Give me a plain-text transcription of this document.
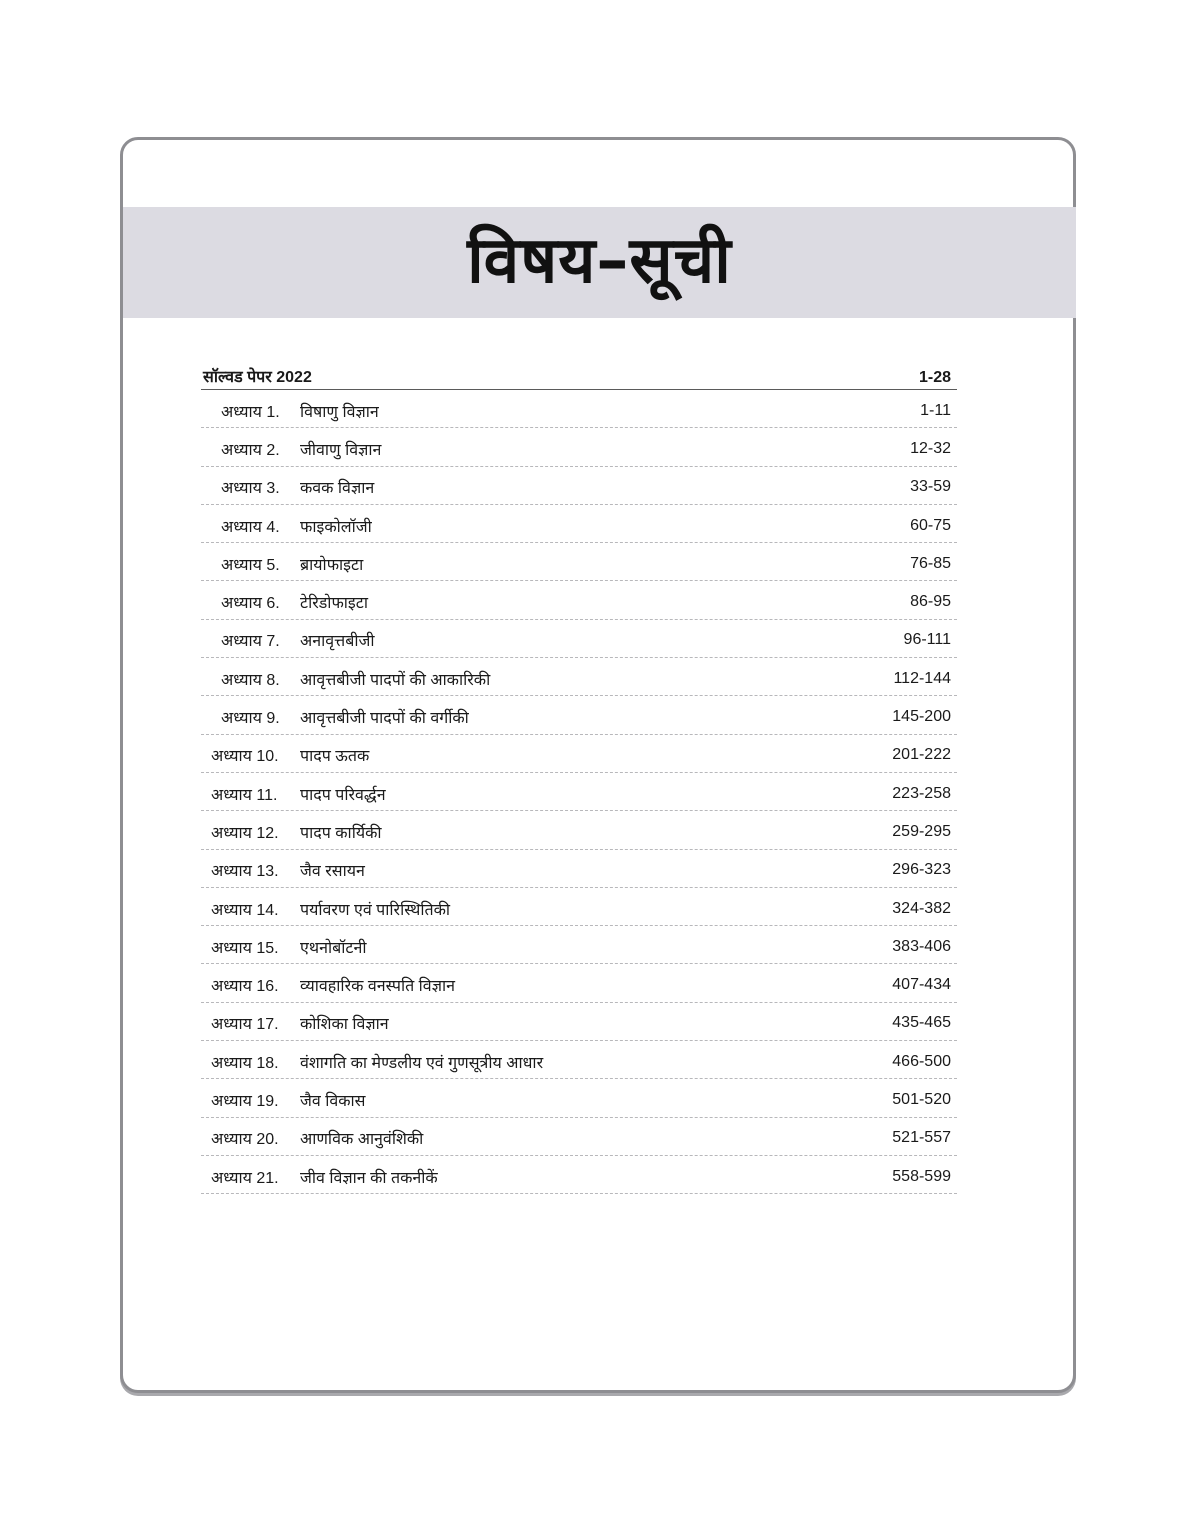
विषय–सूची
सॉल्वड पेपर 2022	1-28
अध्याय 1.	विषाणु विज्ञान	1-11
अध्याय 2.	जीवाणु विज्ञान	12-32
अध्याय 3.	कवक विज्ञान	33-59
अध्याय 4.	फाइकोलॉजी	60-75
अध्याय 5.	ब्रायोफाइटा	76-85
अध्याय 6.	टेरिडोफाइटा	86-95
अध्याय 7.	अनावृत्तबीजी	96-111
अध्याय 8.	आवृत्तबीजी पादपों की आकारिकी	112-144
अध्याय 9.	आवृत्तबीजी पादपों की वर्गीकी	145-200
अध्याय 10.	पादप ऊतक	201-222
अध्याय 11.	पादप परिवर्द्धन	223-258
अध्याय 12.	पादप कार्यिकी	259-295
अध्याय 13.	जैव रसायन	296-323
अध्याय 14.	पर्यावरण एवं पारिस्थितिकी	324-382
अध्याय 15.	एथनोबॉटनी	383-406
अध्याय 16.	व्यावहारिक वनस्पति विज्ञान	407-434
अध्याय 17.	कोशिका विज्ञान	435-465
अध्याय 18.	वंशागति का मेण्डलीय एवं गुणसूत्रीय आधार	466-500
अध्याय 19.	जैव विकास	501-520
अध्याय 20.	आणविक आनुवंशिकी	521-557
अध्याय 21.	जीव विज्ञान की तकनीकें	558-599
